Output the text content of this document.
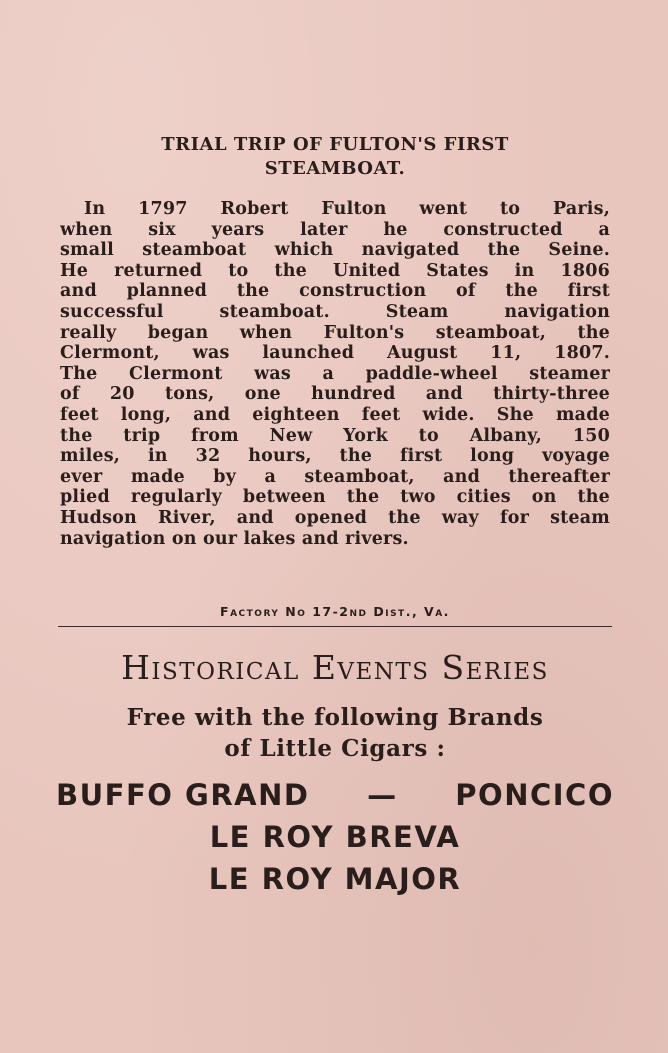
TRIAL TRIP OF FULTON'S FIRST
STEAMBOAT.
In 1797 Robert Fulton went to Paris,
when six years later he constructed a
small steamboat which navigated the Seine.
He returned to the United States in 1806
and planned the construction of the first
successful steamboat. Steam navigation
really began when Fulton's steamboat, the
Clermont, was launched August 11, 1807.
The Clermont was a paddle-wheel steamer
of 20 tons, one hundred and thirty-three
feet long, and eighteen feet wide. She made
the trip from New York to Albany, 150
miles, in 32 hours, the first long voyage
ever made by a steamboat, and thereafter
plied regularly between the two cities on the
Hudson River, and opened the way for steam
navigation on our lakes and rivers.
Factory No 17-2nd Dist., Va.
Historical Events Series
Free with the following Brands
of Little Cigars :
BUFFO GRAND — PONCICO
LE ROY BREVA
LE ROY MAJOR
